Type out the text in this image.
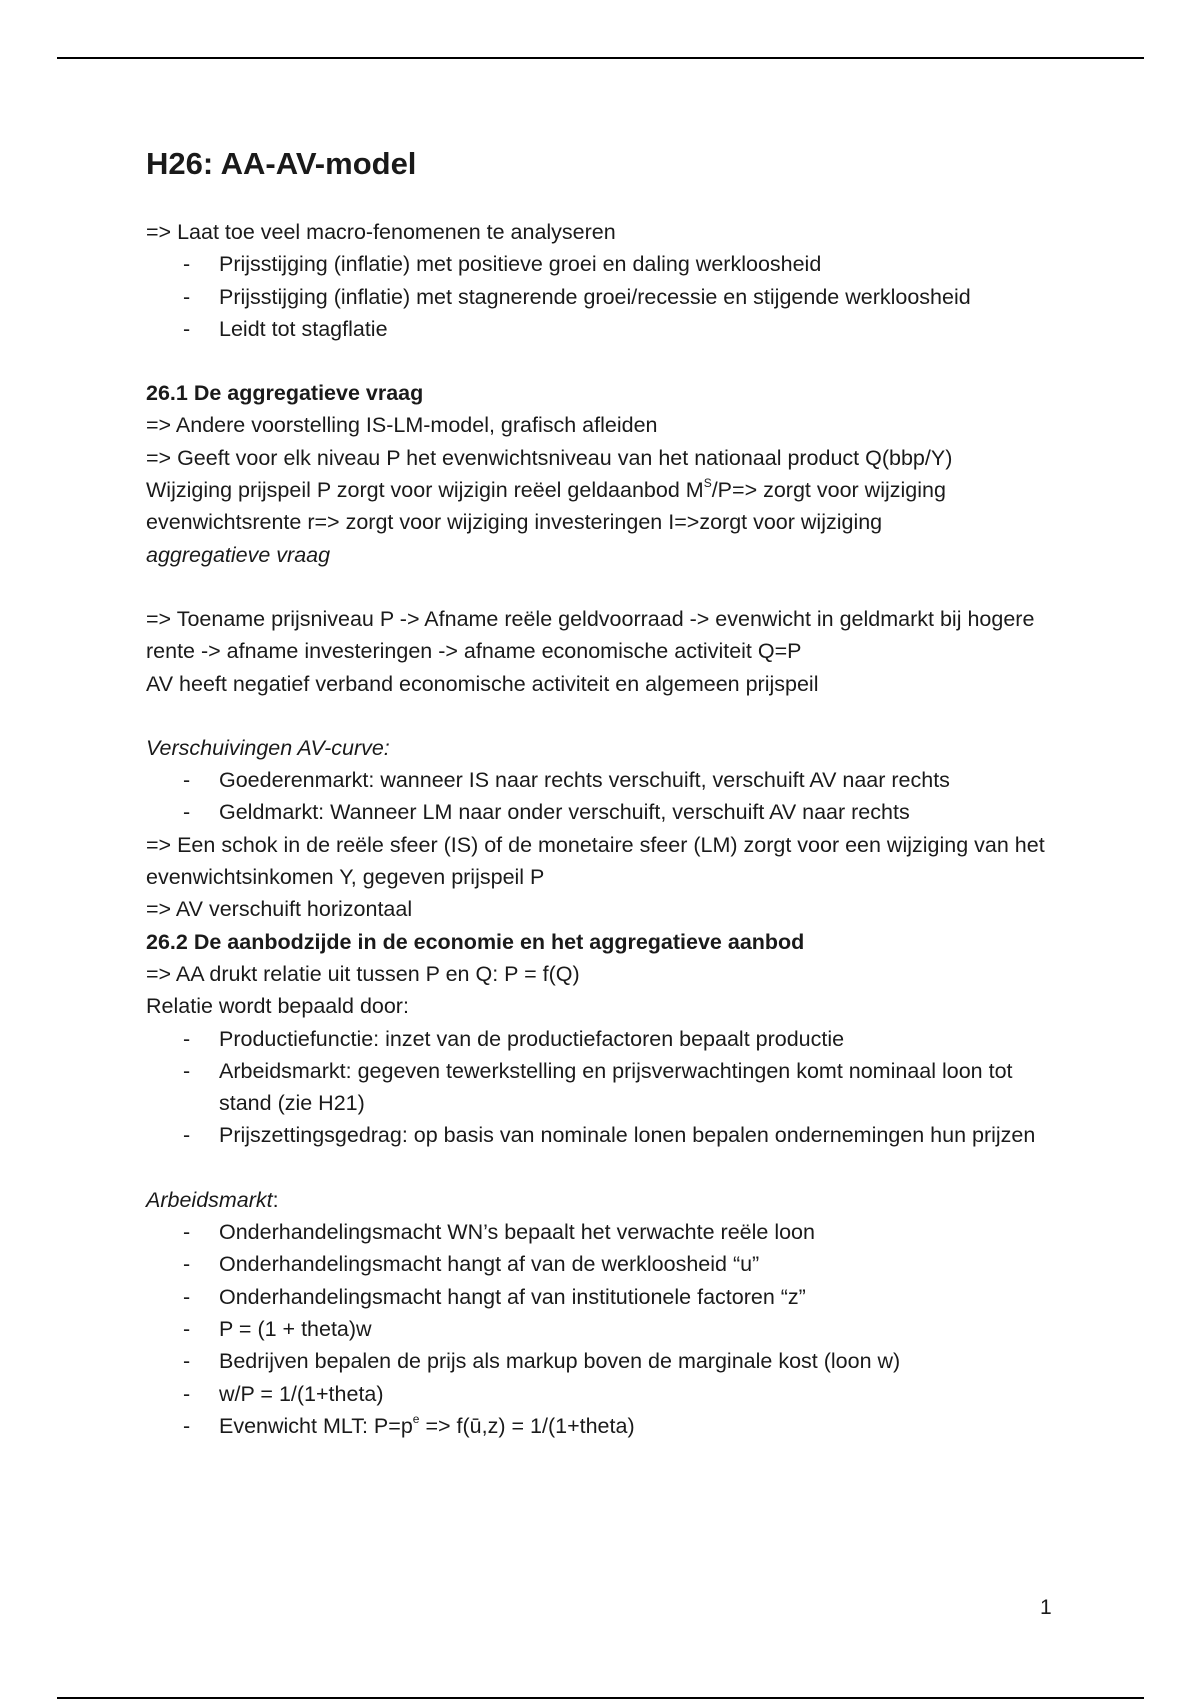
H26: AA-AV-model

=> Laat toe veel macro-fenomenen te analyseren

- Prijsstijging (inflatie) met positieve groei en daling werkloosheid
- Prijsstijging (inflatie) met stagnerende groei/recessie en stijgende werkloosheid
- Leidt tot stagflatie

26.1 De aggregatieve vraag

=> Andere voorstelling IS-LM-model, grafisch afleiden

=> Geeft voor elk niveau P het evenwichtsniveau van het nationaal product Q(bbp/Y)

Wijziging prijspeil P zorgt voor wijzigin reëel geldaanbod $M^S/P=>$ zorgt voor wijziging evenwichtsrente r=> zorgt voor wijziging investeringen I=>zorgt voor wijziging
aggregatieve vraag

=> Toename prijsniveau P -> Afname reële geldvoorraad -> evenwicht in geldmarkt bij hogere rente -> afname investeringen -> afname economische activiteit Q=P

AV heeft negatief verband economische activiteit en algemeen prijspeil

Verschuivingen AV-curve:

- Goederenmarkt: wanneer IS naar rechts verschuift, verschuift AV naar rechts
- Geldmarkt: Wanneer LM naar onder verschuift, verschuift AV naar rechts

=> Een schok in de reële sfeer (IS) of de monetaire sfeer (LM) zorgt voor een wijziging van het evenwichtsinkomen Y, gegeven prijspeil P

=> AV verschuift horizontaal

26.2 De aanbodzijde in de economie en het aggregatieve aanbod

=> AA drukt relatie uit tussen P en Q: P = f(Q)

Relatie wordt bepaald door:

- Productiefunctie: inzet van de productiefactoren bepaalt productie
- Arbeidsmarkt: gegeven tewerkstelling en prijsverwachtingen komt nominaal loon tot stand (zie H21)
- Prijszettingsgedrag: op basis van nominale lonen bepalen ondernemingen hun prijzen

Arbeidsmarkt:

- Onderhandelingsmacht WN’s bepaalt het verwachte reële loon
- Onderhandelingsmacht hangt af van de werkloosheid “u”
- Onderhandelingsmacht hangt af van institutionele factoren “z”
- P = (1 + theta)w
- Bedrijven bepalen de prijs als markup boven de marginale kost (loon w)
- w/P = 1/(1+theta)
- Evenwicht MLT: $P=p^e$ => f(ū,z) = 1/(1+theta)
1
